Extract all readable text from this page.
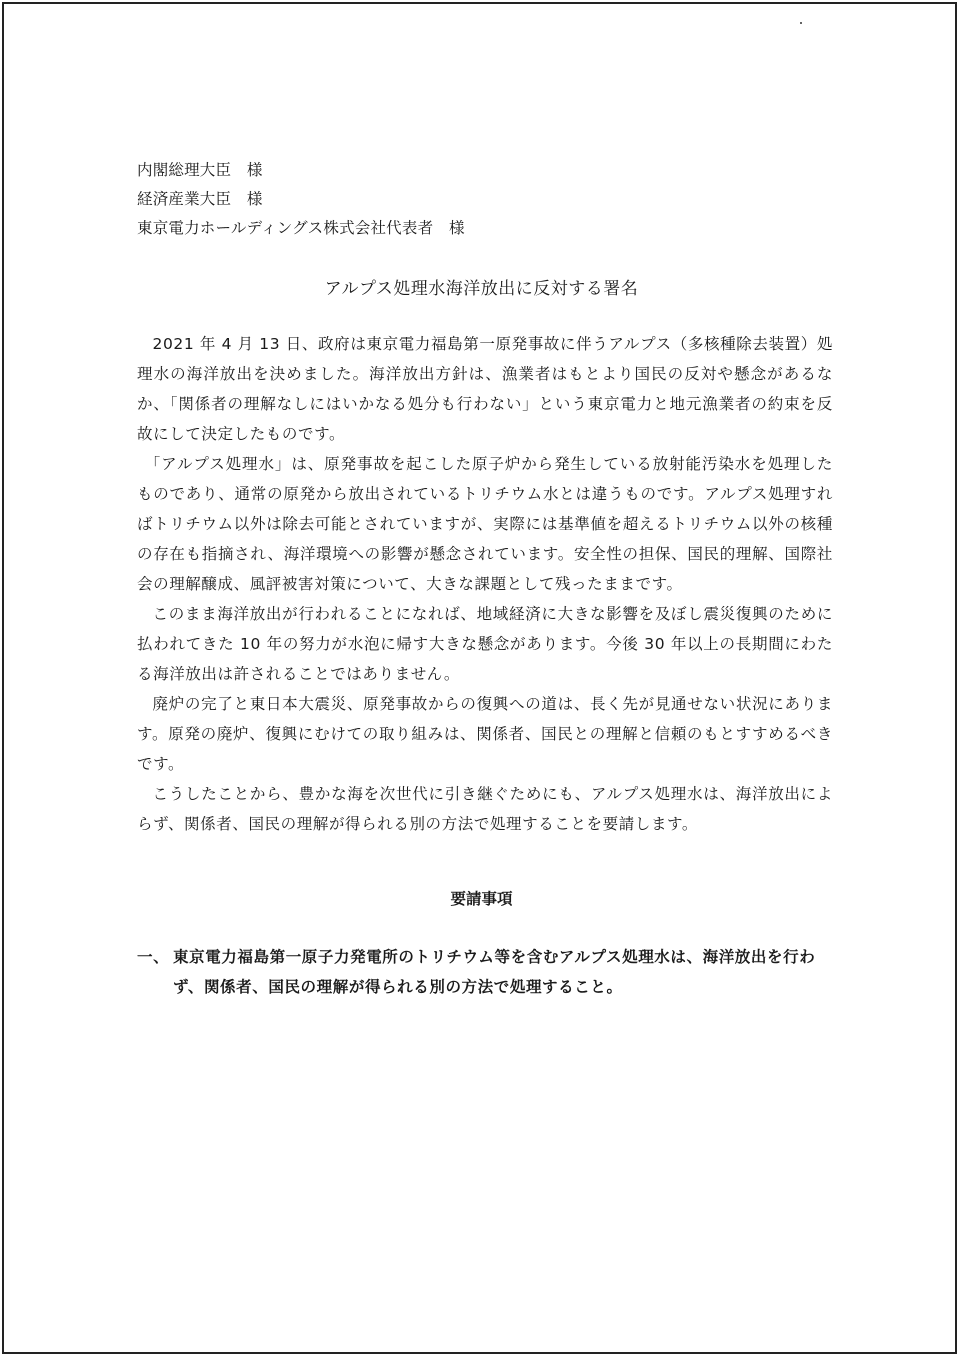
内閣総理大臣　様
経済産業大臣　様
東京電力ホールディングス株式会社代表者　様
アルプス処理水海洋放出に反対する署名

2021 年 4 月 13 日、政府は東京電力福島第一原発事故に伴うアルプス（多核種除去装置）処理水の海洋放出を決めました。海洋放出方針は、漁業者はもとより国民の反対や懸念があるなか、「関係者の理解なしにはいかなる処分も行わない」という東京電力と地元漁業者の約束を反故にして決定したものです。

「アルプス処理水」は、原発事故を起こした原子炉から発生している放射能汚染水を処理したものであり、通常の原発から放出されているトリチウム水とは違うものです。アルプス処理すればトリチウム以外は除去可能とされていますが、実際には基準値を超えるトリチウム以外の核種の存在も指摘され、海洋環境への影響が懸念されています。安全性の担保、国民的理解、国際社会の理解醸成、風評被害対策について、大きな課題として残ったままです。

このまま海洋放出が行われることになれば、地域経済に大きな影響を及ぼし震災復興のために払われてきた 10 年の努力が水泡に帰す大きな懸念があります。今後 30 年以上の長期間にわたる海洋放出は許されることではありません。

廃炉の完了と東日本大震災、原発事故からの復興への道は、長く先が見通せない状況にあります。原発の廃炉、復興にむけての取り組みは、関係者、国民との理解と信頼のもとすすめるべきです。

こうしたことから、豊かな海を次世代に引き継ぐためにも、アルプス処理水は、海洋放出によらず、関係者、国民の理解が得られる別の方法で処理することを要請します。

要請事項
一、 東京電力福島第一原子力発電所のトリチウム等を含むアルプス処理水は、海洋放出を行わず、関係者、国民の理解が得られる別の方法で処理すること。
